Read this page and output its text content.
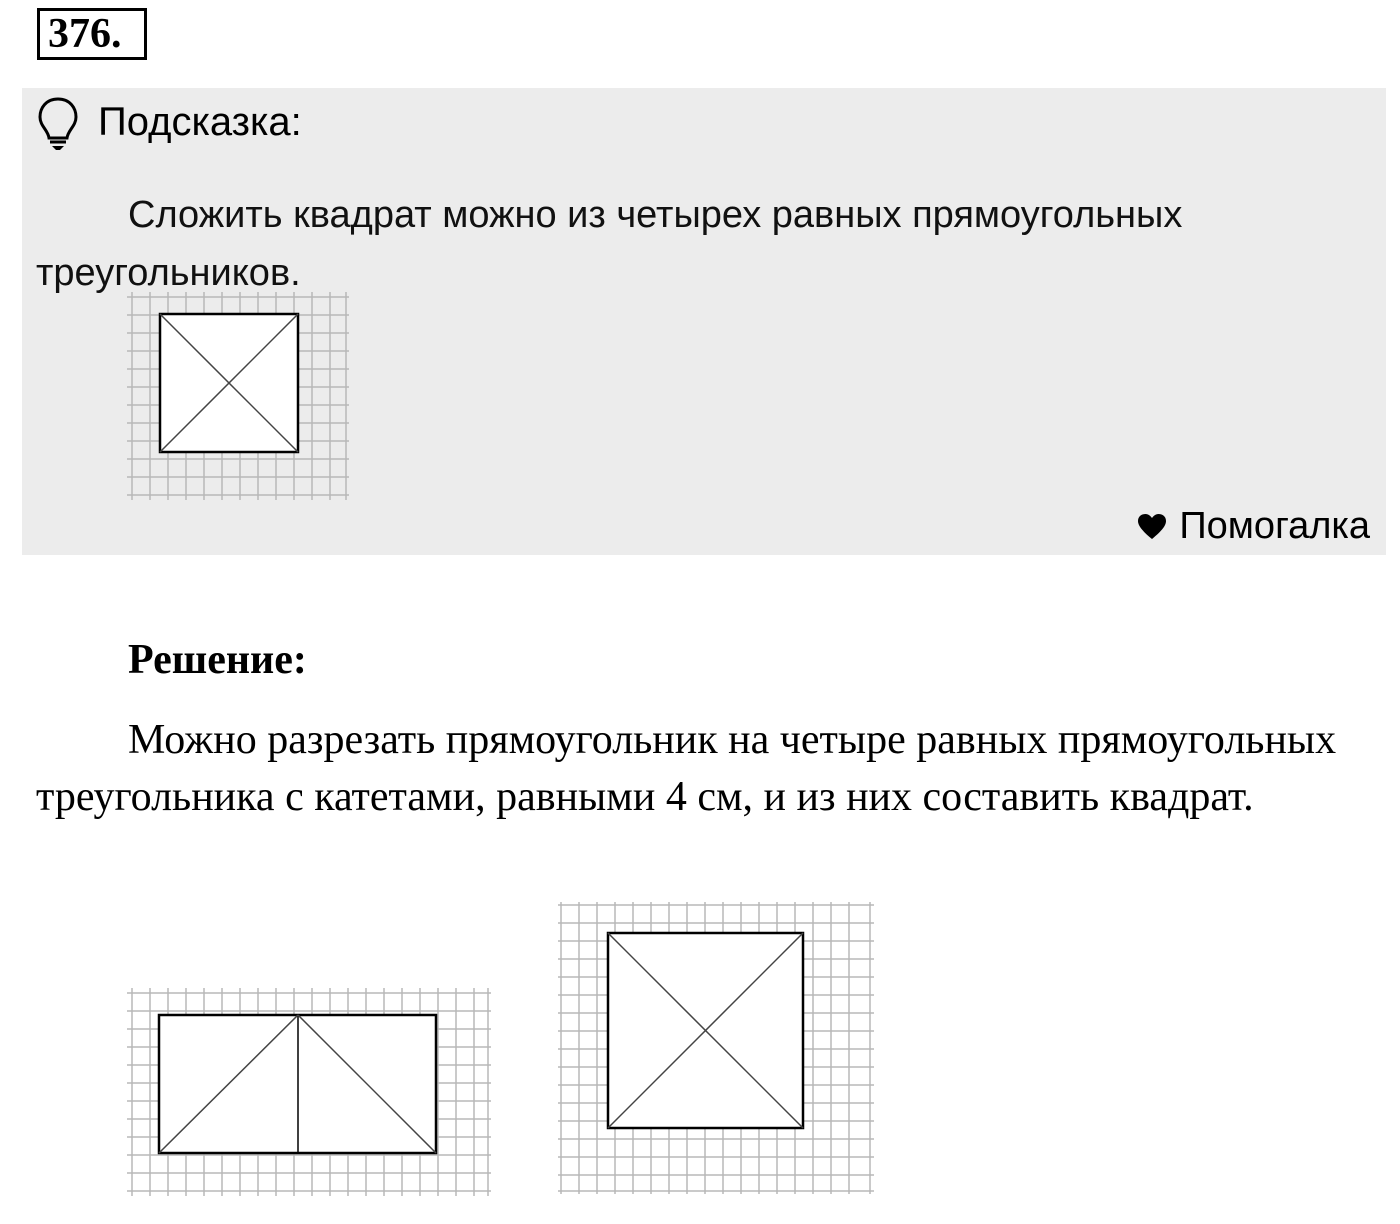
376.
Подсказка:
Сложить квадрат можно из четырех равных прямоугольных треугольников.
Помогалка
Решение:
Можно разрезать прямоугольник на четыре равных прямоугольных треугольника с катетами, равными 4 см, и из них составить квадрат.
